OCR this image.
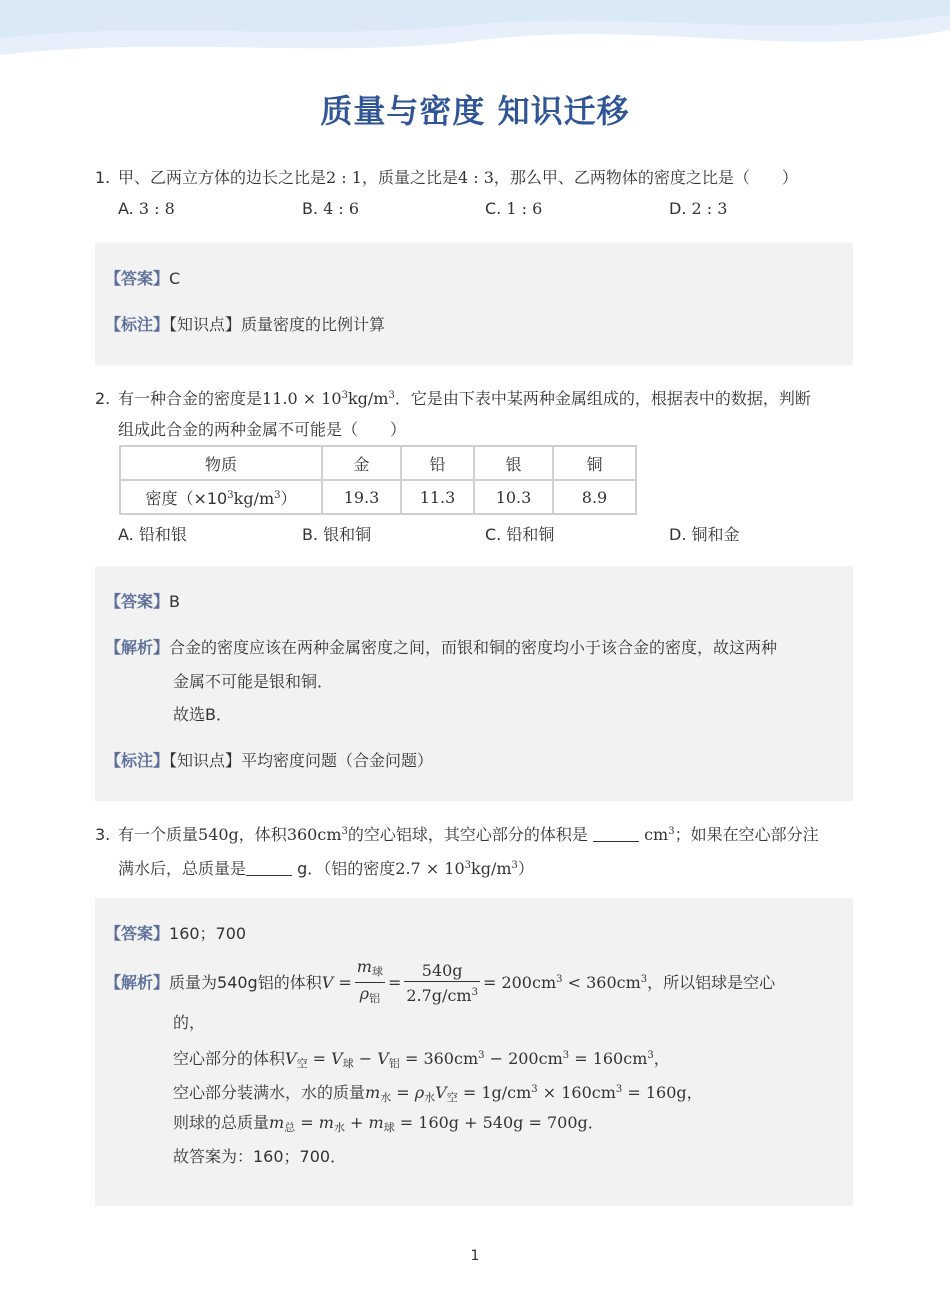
质量与密度 知识迁移
1. 甲、乙两立方体的边长之比是2 : 1，质量之比是4 : 3，那么甲、乙两物体的密度之比是（　　）
A. 3 : 8	B. 4 : 6	C. 1 : 6	D. 2 : 3
【答案】C
【标注】【知识点】质量密度的比例计算
2. 有一种合金的密度是$11.0 \times 10^3kg/m^3$．它是由下表中某两种金属组成的，根据表中的数据，判断
组成此合金的两种金属不可能是（　　）
物质	金	铅	银	铜
密度$(\times 10^3kg/m^3)$	19.3	11.3	10.3	8.9
A. 铅和银	B. 银和铜	C. 铅和铜	D. 铜和金
【答案】B
【解析】合金的密度应该在两种金属密度之间，而银和铜的密度均小于该合金的密度，故这两种
金属不可能是银和铜．
故选B．
【标注】【知识点】平均密度问题（合金问题）
3. 有一个质量540g，体积$360cm^3$的空心铝球，其空心部分的体积是	$cm^3$；如果在空心部分注
满水后，总质量是	g．（铝的密度$2.7 \times 10^3kg/m^3$）
【答案】160；700
【解析】质量为540g铝的体积$V = \frac{m_球}{\rho_铝} = \frac{540g}{2.7g/cm^3} = 200cm^3 < 360cm^3$，所以铝球是空心
的，
空心部分的体积$V_空 = V_球 - V_铝 = 360cm^3 - 200cm^3 = 160cm^3$，
空心部分装满水，水的质量$m_水 = \rho_水V_空 = 1g/cm^3 \times 160cm^3 = 160g$，
则球的总质量$m_总 = m_水 + m_球 = 160g + 540g = 700g$．
故答案为：160；700．
1
